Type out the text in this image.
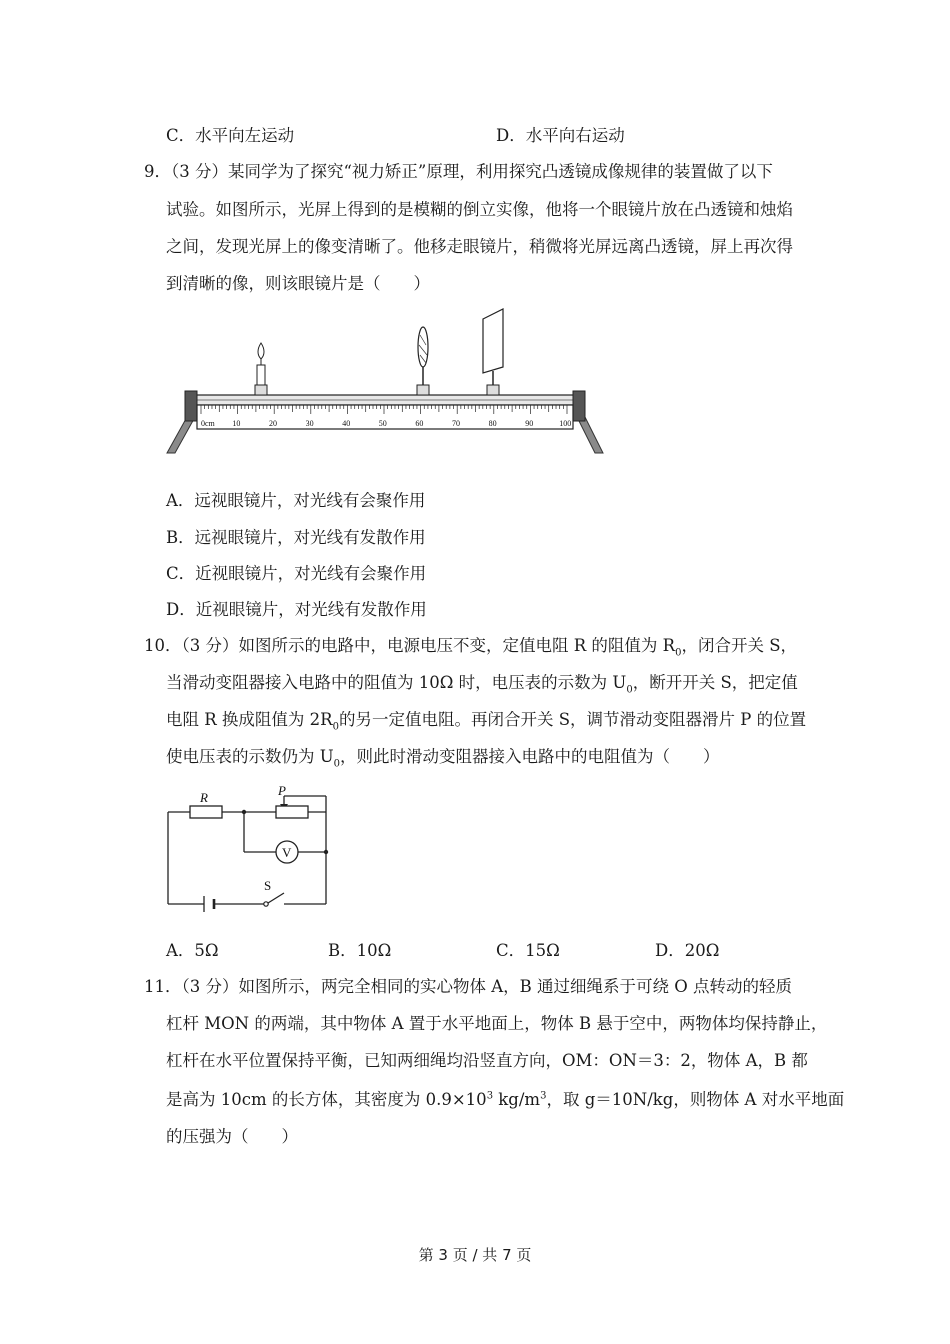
C．水平向左运动	D．水平向右运动
9．（3 分）某同学为了探究“视力矫正”原理，利用探究凸透镜成像规律的装置做了以下
试验。如图所示，光屏上得到的是模糊的倒立实像，他将一个眼镜片放在凸透镜和烛焰
之间，发现光屏上的像变清晰了。他移走眼镜片，稍微将光屏远离凸透镜，屏上再次得
到清晰的像，则该眼镜片是（　　）
0cm 10	20	30	40	50	60	70	80	90	100
A．远视眼镜片，对光线有会聚作用
B．远视眼镜片，对光线有发散作用
C．近视眼镜片，对光线有会聚作用
D．近视眼镜片，对光线有发散作用
10．（3 分）如图所示的电路中，电源电压不变，定值电阻 R 的阻值为 $R_0$，闭合开关 S，
当滑动变阻器接入电路中的阻值为 10Ω 时，电压表的示数为 $U_0$，断开开关 S，把定值
电阻 R 换成阻值为 $2R_0$的另一定值电阻。再闭合开关 S，调节滑动变阻器滑片 P 的位置
使电压表的示数仍为 $U_0$，则此时滑动变阻器接入电路中的电阻值为（　　）
R	P
V
S
A．5Ω	B．10Ω	C．15Ω	D．20Ω
11．（3 分）如图所示，两完全相同的实心物体 A，B 通过细绳系于可绕 O 点转动的轻质
杠杆 MON 的两端，其中物体 A 置于水平地面上，物体 B 悬于空中，两物体均保持静止，
杠杆在水平位置保持平衡，已知两细绳均沿竖直方向，OM：ON＝3：2，物体 A，B 都
是高为 10cm 的长方体，其密度为 $0.9\times 10^3$ $kg/m^3$，取 g＝10N/kg，则物体 A 对水平地面
的压强为（　　）
第 3 页 / 共 7 页
